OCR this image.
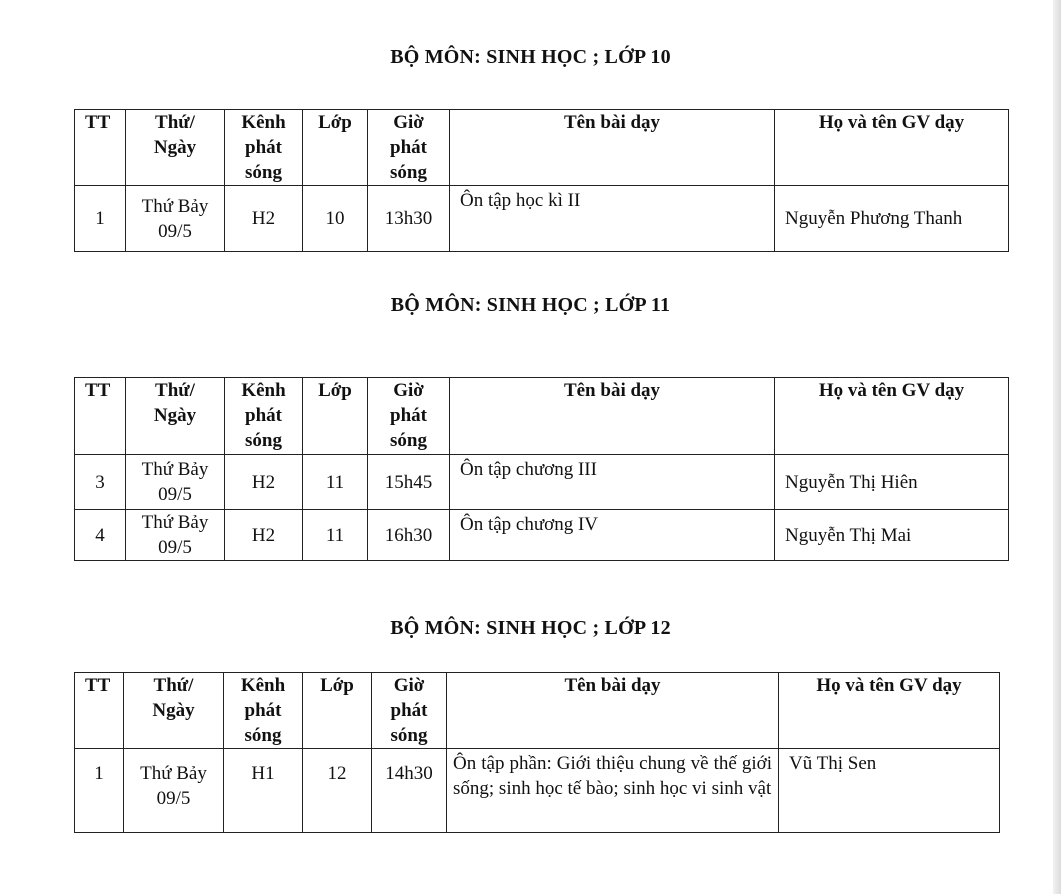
BỘ MÔN: SINH HỌC ; LỚP 10
TT	Thứ/
Ngày	Kênh
phát
sóng	Lớp	Giờ
phát
sóng	Tên bài dạy	Họ và tên GV dạy
1	Thứ Bảy
09/5	H2	10	13h30	Ôn tập học kì II	Nguyễn Phương Thanh
BỘ MÔN: SINH HỌC ; LỚP 11
TT	Thứ/
Ngày	Kênh
phát
sóng	Lớp	Giờ
phát
sóng	Tên bài dạy	Họ và tên GV dạy
3	Thứ Bảy
09/5	H2	11	15h45	Ôn tập chương III	Nguyễn Thị Hiên
4	Thứ Bảy
09/5	H2	11	16h30	Ôn tập chương IV	Nguyễn Thị Mai
BỘ MÔN: SINH HỌC ; LỚP 12
TT	Thứ/
Ngày	Kênh
phát
sóng	Lớp	Giờ
phát
sóng	Tên bài dạy	Họ và tên GV dạy
1	Thứ Bảy
09/5	H1	12	14h30	Ôn tập phần: Giới thiệu chung về thế giới sống; sinh học tế bào; sinh học vi sinh vật	Vũ Thị Sen
